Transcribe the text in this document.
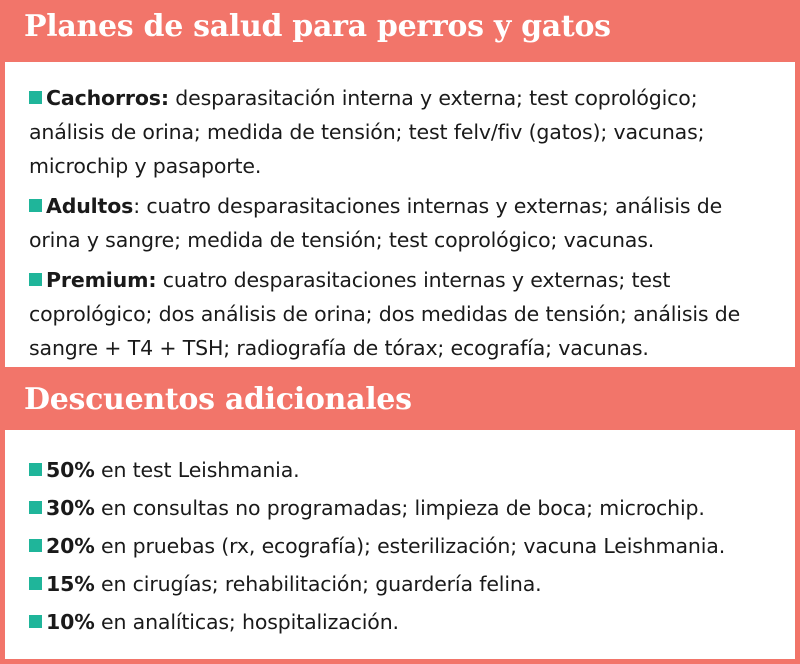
Planes de salud para perros y gatos
Cachorros: desparasitación interna y externa; test coprológico; análisis de orina; medida de tensión; test felv/fiv (gatos); vacunas; microchip y pasaporte.
Adultos: cuatro desparasitaciones internas y externas; análisis de orina y sangre; medida de tensión; test coprológico; vacunas.
Premium: cuatro desparasitaciones internas y externas; test coprológico; dos análisis de orina; dos medidas de tensión; análisis de sangre + T4 + TSH; radiografía de tórax; ecografía; vacunas.
Descuentos adicionales
50% en test Leishmania.
30% en consultas no programadas; limpieza de boca; microchip.
20% en pruebas (rx, ecografía); esterilización; vacuna Leishmania.
15% en cirugías; rehabilitación; guardería felina.
10% en analíticas; hospitalización.
